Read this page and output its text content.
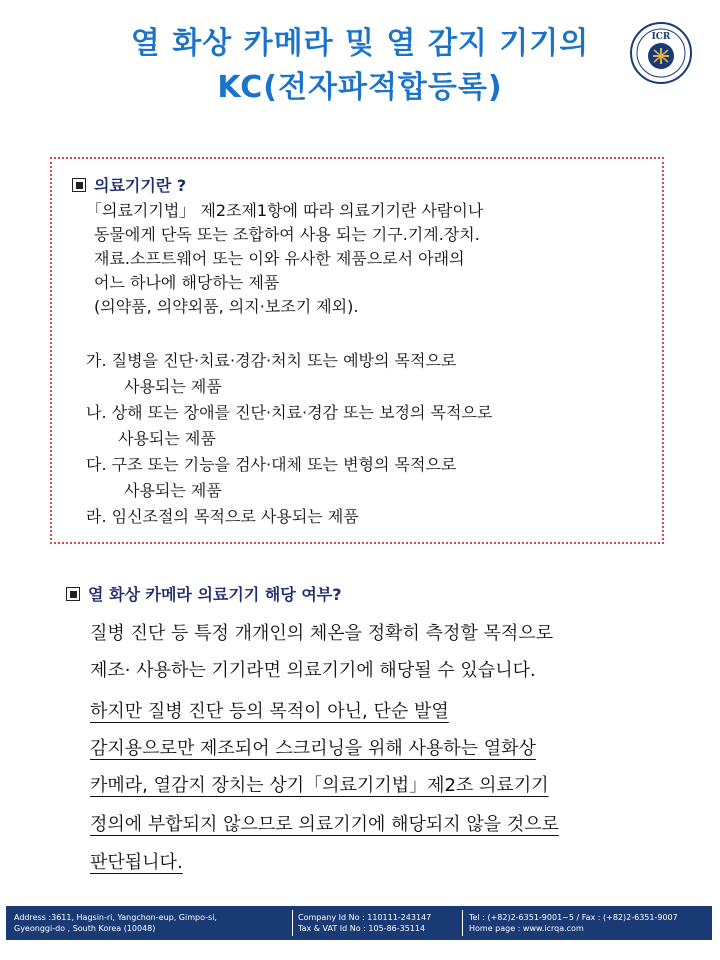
열 화상 카메라 및 열 감지 기기의
KC(전자파적합등록)
ICR
의료기기란 ?

「의료기기법」 제2조제1항에 따라 의료기기란 사람이나

동물에게 단독 또는 조합하여 사용 되는 기구.기계.장치.

재료.소프트웨어 또는 이와 유사한 제품으로서 아래의

어느 하나에 해당하는 제품

(의약품, 의약외품, 의지·보조기 제외).

가. 질병을 진단·치료·경감·처치 또는 예방의 목적으로

사용되는 제품

나. 상해 또는 장애를 진단·치료·경감 또는 보정의 목적으로

사용되는 제품

다. 구조 또는 기능을 검사·대체 또는 변형의 목적으로

사용되는 제품

라. 임신조절의 목적으로 사용되는 제품

열 화상 카메라 의료기기 해당 여부?

질병 진단 등 특정 개개인의 체온을 정확히 측정할 목적으로

제조· 사용하는 기기라면 의료기기에 해당될 수 있습니다.

하지만 질병 진단 등의 목적이 아닌, 단순 발열

감지용으로만 제조되어 스크리닝을 위해 사용하는 열화상

카메라, 열감지 장치는 상기「의료기기법」제2조 의료기기

정의에 부합되지 않으므로 의료기기에 해당되지 않을 것으로

판단됩니다.

Address :3611, Hagsin-ri, Yangchon-eup, Gimpo-si,
Gyeonggi-do , South Korea (10048)
Company Id No : 110111-243147
Tax & VAT Id No : 105-86-35114
Tel : (+82)2-6351-9001~5 / Fax : (+82)2-6351-9007
Home page : www.icrqa.com
